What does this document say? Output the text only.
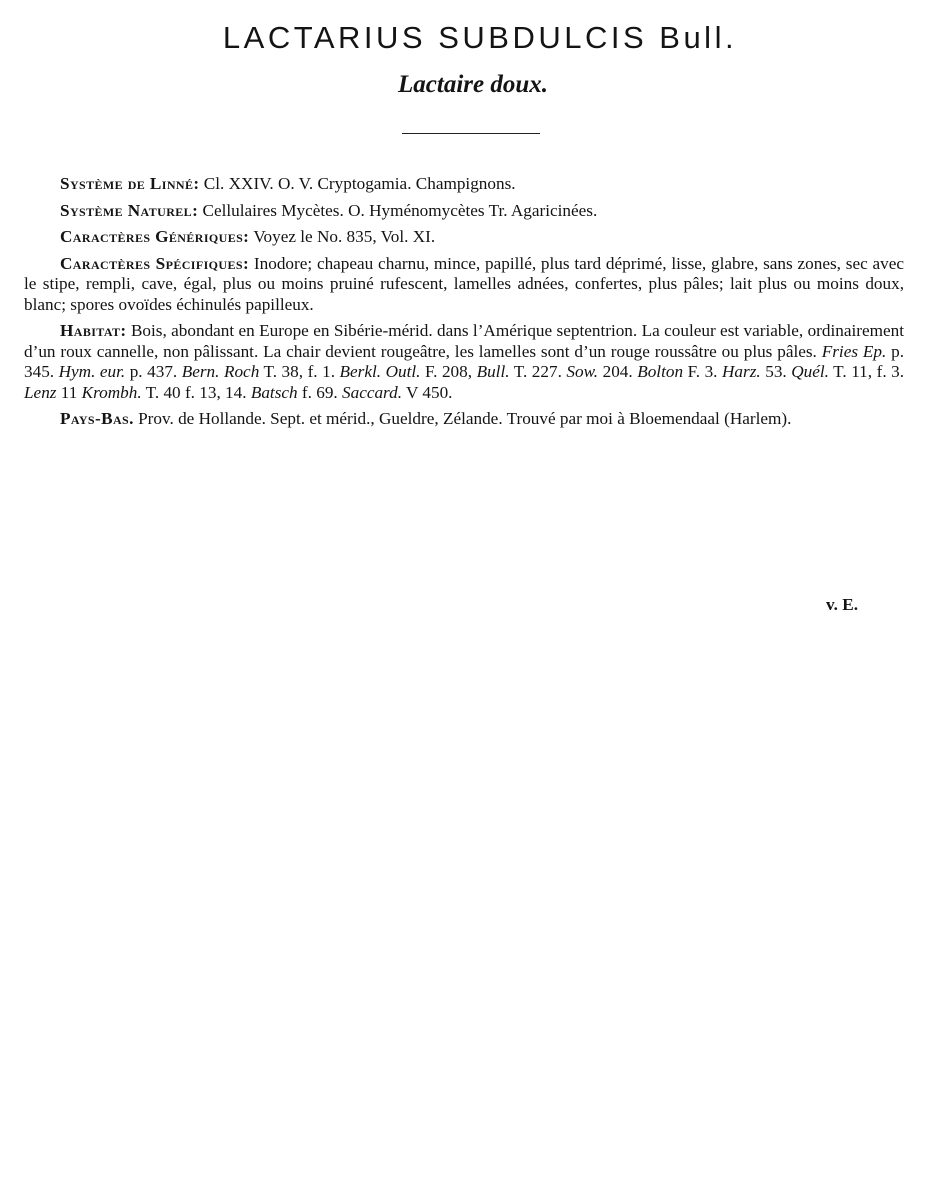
LACTARIUS SUBDULCIS Bull.
Lactaire doux.

Système de Linné: Cl. XXIV. O. V. Cryptogamia. Champignons.

Système Naturel: Cellulaires Mycètes. O. Hyménomycètes Tr. Agaricinées.

Caractères Génériques: Voyez le No. 835, Vol. XI.

Caractères Spécifiques: Inodore; chapeau charnu, mince, papillé, plus tard déprimé, lisse, glabre, sans zones, sec avec le stipe, rempli, cave, égal, plus ou moins pruiné rufescent, lamelles adnées, confertes, plus pâles; lait plus ou moins doux, blanc; spores ovoïdes échinulés papilleux.

Habitat: Bois, abondant en Europe en Sibérie-mérid. dans l’Amérique septentrion. La couleur est variable, ordinairement d’un roux cannelle, non pâlissant. La chair devient rougeâtre, les lamelles sont d’un rouge roussâtre ou plus pâles. Fries Ep. p. 345. Hym. eur. p. 437. Bern. Roch T. 38, f. 1. Berkl. Outl. F. 208, Bull. T. 227. Sow. 204. Bolton F. 3. Harz. 53. Quél. T. 11, f. 3. Lenz 11 Krombh. T. 40 f. 13, 14. Batsch f. 69. Saccard. V 450.

Pays-Bas. Prov. de Hollande. Sept. et mérid., Gueldre, Zélande. Trouvé par moi à Bloemendaal (Harlem).

v. E.
